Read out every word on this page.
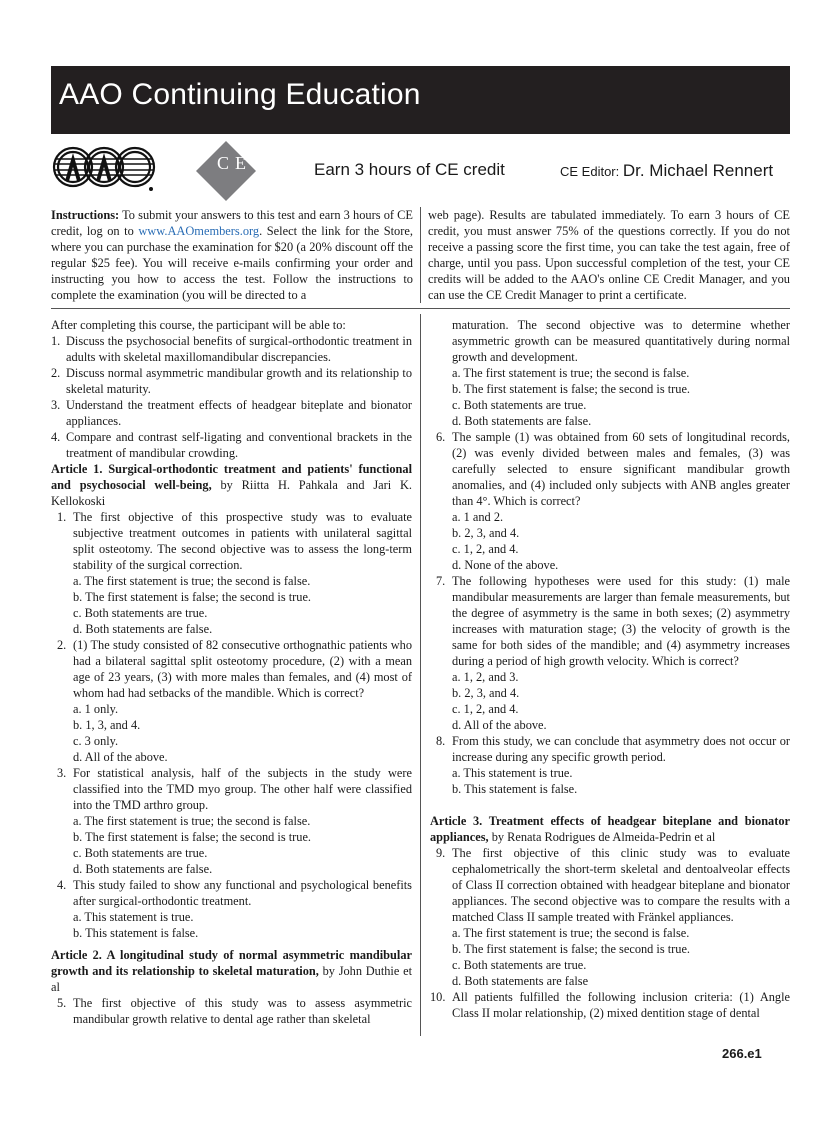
AAO Continuing Education
CE	Earn 3 hours of CE credit	CE Editor: Dr. Michael Rennert
Instructions: To submit your answers to this test and earn 3 hours of CE credit, log on to www.AAOmembers.org. Select the link for the Store, where you can purchase the examination for $20 (a 20% discount off the regular $25 fee). You will receive e-mails confirming your order and instructing you how to access the test. Follow the instructions to complete the examination (you will be directed to a
web page). Results are tabulated immediately. To earn 3 hours of CE credit, you must answer 75% of the questions correctly. If you do not receive a passing score the first time, you can take the test again, free of charge, until you pass. Upon successful completion of the test, your CE credits will be added to the AAO's online CE Credit Manager, and you can use the CE Credit Manager to print a certificate.

After completing this course, the participant will be able to:

1. Discuss the psychosocial benefits of surgical-orthodontic treatment in adults with skeletal maxillomandibular discrepancies.
2. Discuss normal asymmetric mandibular growth and its relationship to skeletal maturity.
3. Understand the treatment effects of headgear biteplate and bionator appliances.
4. Compare and contrast self-ligating and conventional brackets in the treatment of mandibular crowding.

Article 1. Surgical-orthodontic treatment and patients' functional and psychosocial well-being, by Riitta H. Pahkala and Jari K. Kellokoski

1. The first objective of this prospective study was to evaluate subjective treatment outcomes in patients with unilateral sagittal split osteotomy. The second objective was to assess the long-term stability of the surgical correction.
a. The first statement is true; the second is false.
b. The first statement is false; the second is true.
c. Both statements are true.
d. Both statements are false.
2. (1) The study consisted of 82 consecutive orthognathic patients who had a bilateral sagittal split osteotomy procedure, (2) with a mean age of 23 years, (3) with more males than females, and (4) most of whom had had setbacks of the mandible. Which is correct?
a. 1 only.
b. 1, 3, and 4.
c. 3 only.
d. All of the above.
3. For statistical analysis, half of the subjects in the study were classified into the TMD myo group. The other half were classified into the TMD arthro group.
a. The first statement is true; the second is false.
b. The first statement is false; the second is true.
c. Both statements are true.
d. Both statements are false.
4. This study failed to show any functional and psychological benefits after surgical-orthodontic treatment.
a. This statement is true.
b. This statement is false.

Article 2. A longitudinal study of normal asymmetric mandibular growth and its relationship to skeletal maturation, by John Duthie et al

5. The first objective of this study was to assess asymmetric mandibular growth relative to dental age rather than skeletal

maturation. The second objective was to determine whether asymmetric growth can be measured quantitatively during normal growth and development.

a. The first statement is true; the second is false.
b. The first statement is false; the second is true.
c. Both statements are true.
d. Both statements are false.
6. The sample (1) was obtained from 60 sets of longitudinal records, (2) was evenly divided between males and females, (3) was carefully selected to ensure significant mandibular growth anomalies, and (4) included only subjects with ANB angles greater than 4°. Which is correct?
a. 1 and 2.
b. 2, 3, and 4.
c. 1, 2, and 4.
d. None of the above.
7. The following hypotheses were used for this study: (1) male mandibular measurements are larger than female measurements, but the degree of asymmetry is the same in both sexes; (2) asymmetry increases with maturation stage; (3) the velocity of growth is the same for both sides of the mandible; and (4) asymmetry increases during a period of high growth velocity. Which is correct?
a. 1, 2, and 3.
b. 2, 3, and 4.
c. 1, 2, and 4.
d. All of the above.
8. From this study, we can conclude that asymmetry does not occur or increase during any specific growth period.
a. This statement is true.
b. This statement is false.

Article 3. Treatment effects of headgear biteplane and bionator appliances, by Renata Rodrigues de Almeida-Pedrin et al

9. The first objective of this clinic study was to evaluate cephalometrically the short-term skeletal and dentoalveolar effects of Class II correction obtained with headgear biteplane and bionator appliances. The second objective was to compare the results with a matched Class II sample treated with Fränkel appliances.
a. The first statement is true; the second is false.
b. The first statement is false; the second is true.
c. Both statements are true.
d. Both statements are false
10. All patients fulfilled the following inclusion criteria: (1) Angle Class II molar relationship, (2) mixed dentition stage of dental
266.e1
